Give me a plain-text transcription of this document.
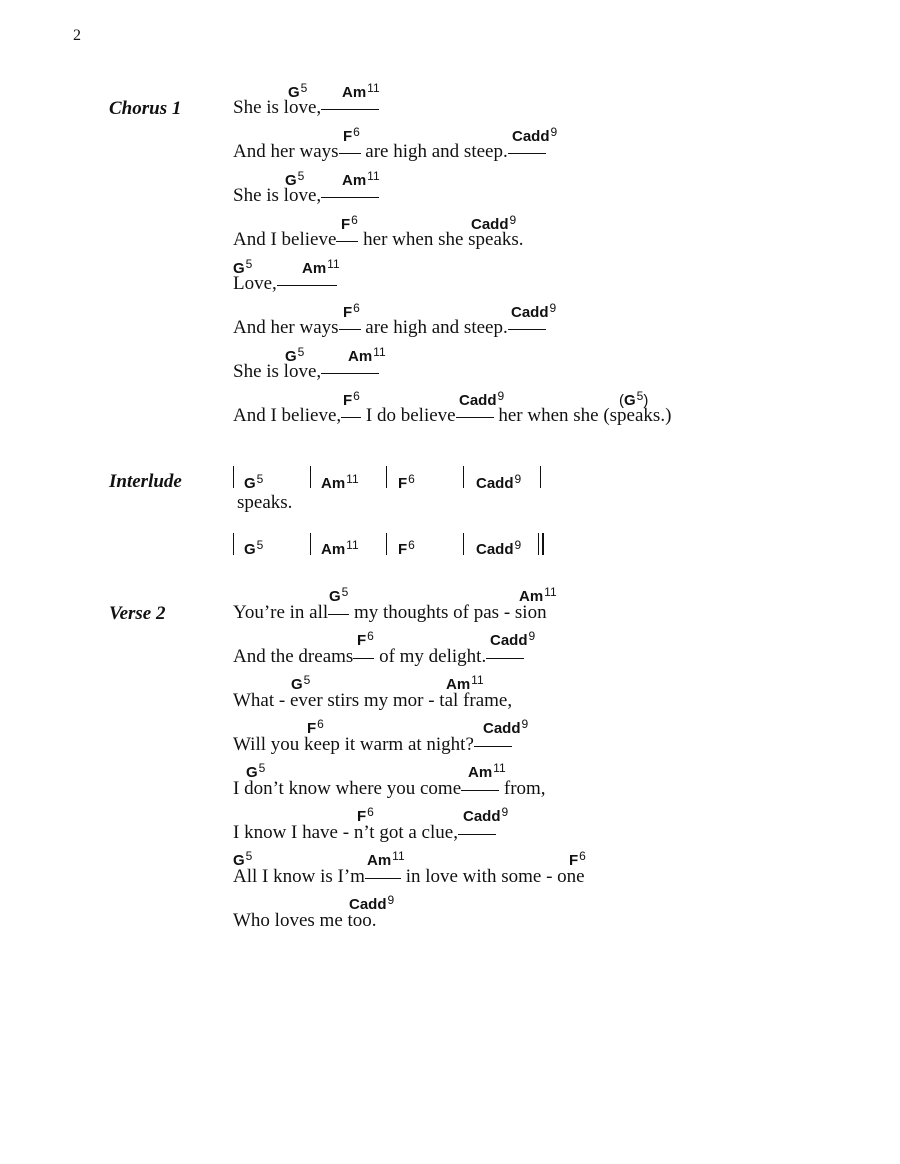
2
Chorus 1
$G^5$ Am$^{11}$
She is love,
$F^6$	Cadd$^9$
And her ways are high and steep.
$G^5$	Am$^{11}$
She is love,
$F^6$	Cadd$^9$
And I believe her when she speaks.
$G^5$	Am$^{11}$
Love,
$F^6$	Cadd$^9$
And her ways are high and steep.
$G^5$	Am$^{11}$
She is love,
$F^6$	Cadd$^9$	$(G^5)$
And I believe, I do believe her when she (speaks.)
Interlude	$G^5$	Am$^{11}$	$F^6$	Cadd$^9$
speaks.
$G^5$	Am$^{11}$	$F^6$	Cadd$^9$
Verse 2
$G^5$	Am$^{11}$
You’re in all my thoughts of pas - sion
$F^6$	Cadd$^9$
And the dreams of my delight.
$G^5$	Am$^{11}$
What - ever stirs my mor - tal frame,
$F^6$	Cadd$^9$
Will you keep it warm at night?
$G^5$	Am$^{11}$
I don’t know where you come from,
$F^6$	Cadd$^9$
I know I have - n’t got a clue,
$G^5$	Am$^{11}$	$F^6$
All I know is I’m in love with some - one
Cadd$^9$
Who loves me too.
